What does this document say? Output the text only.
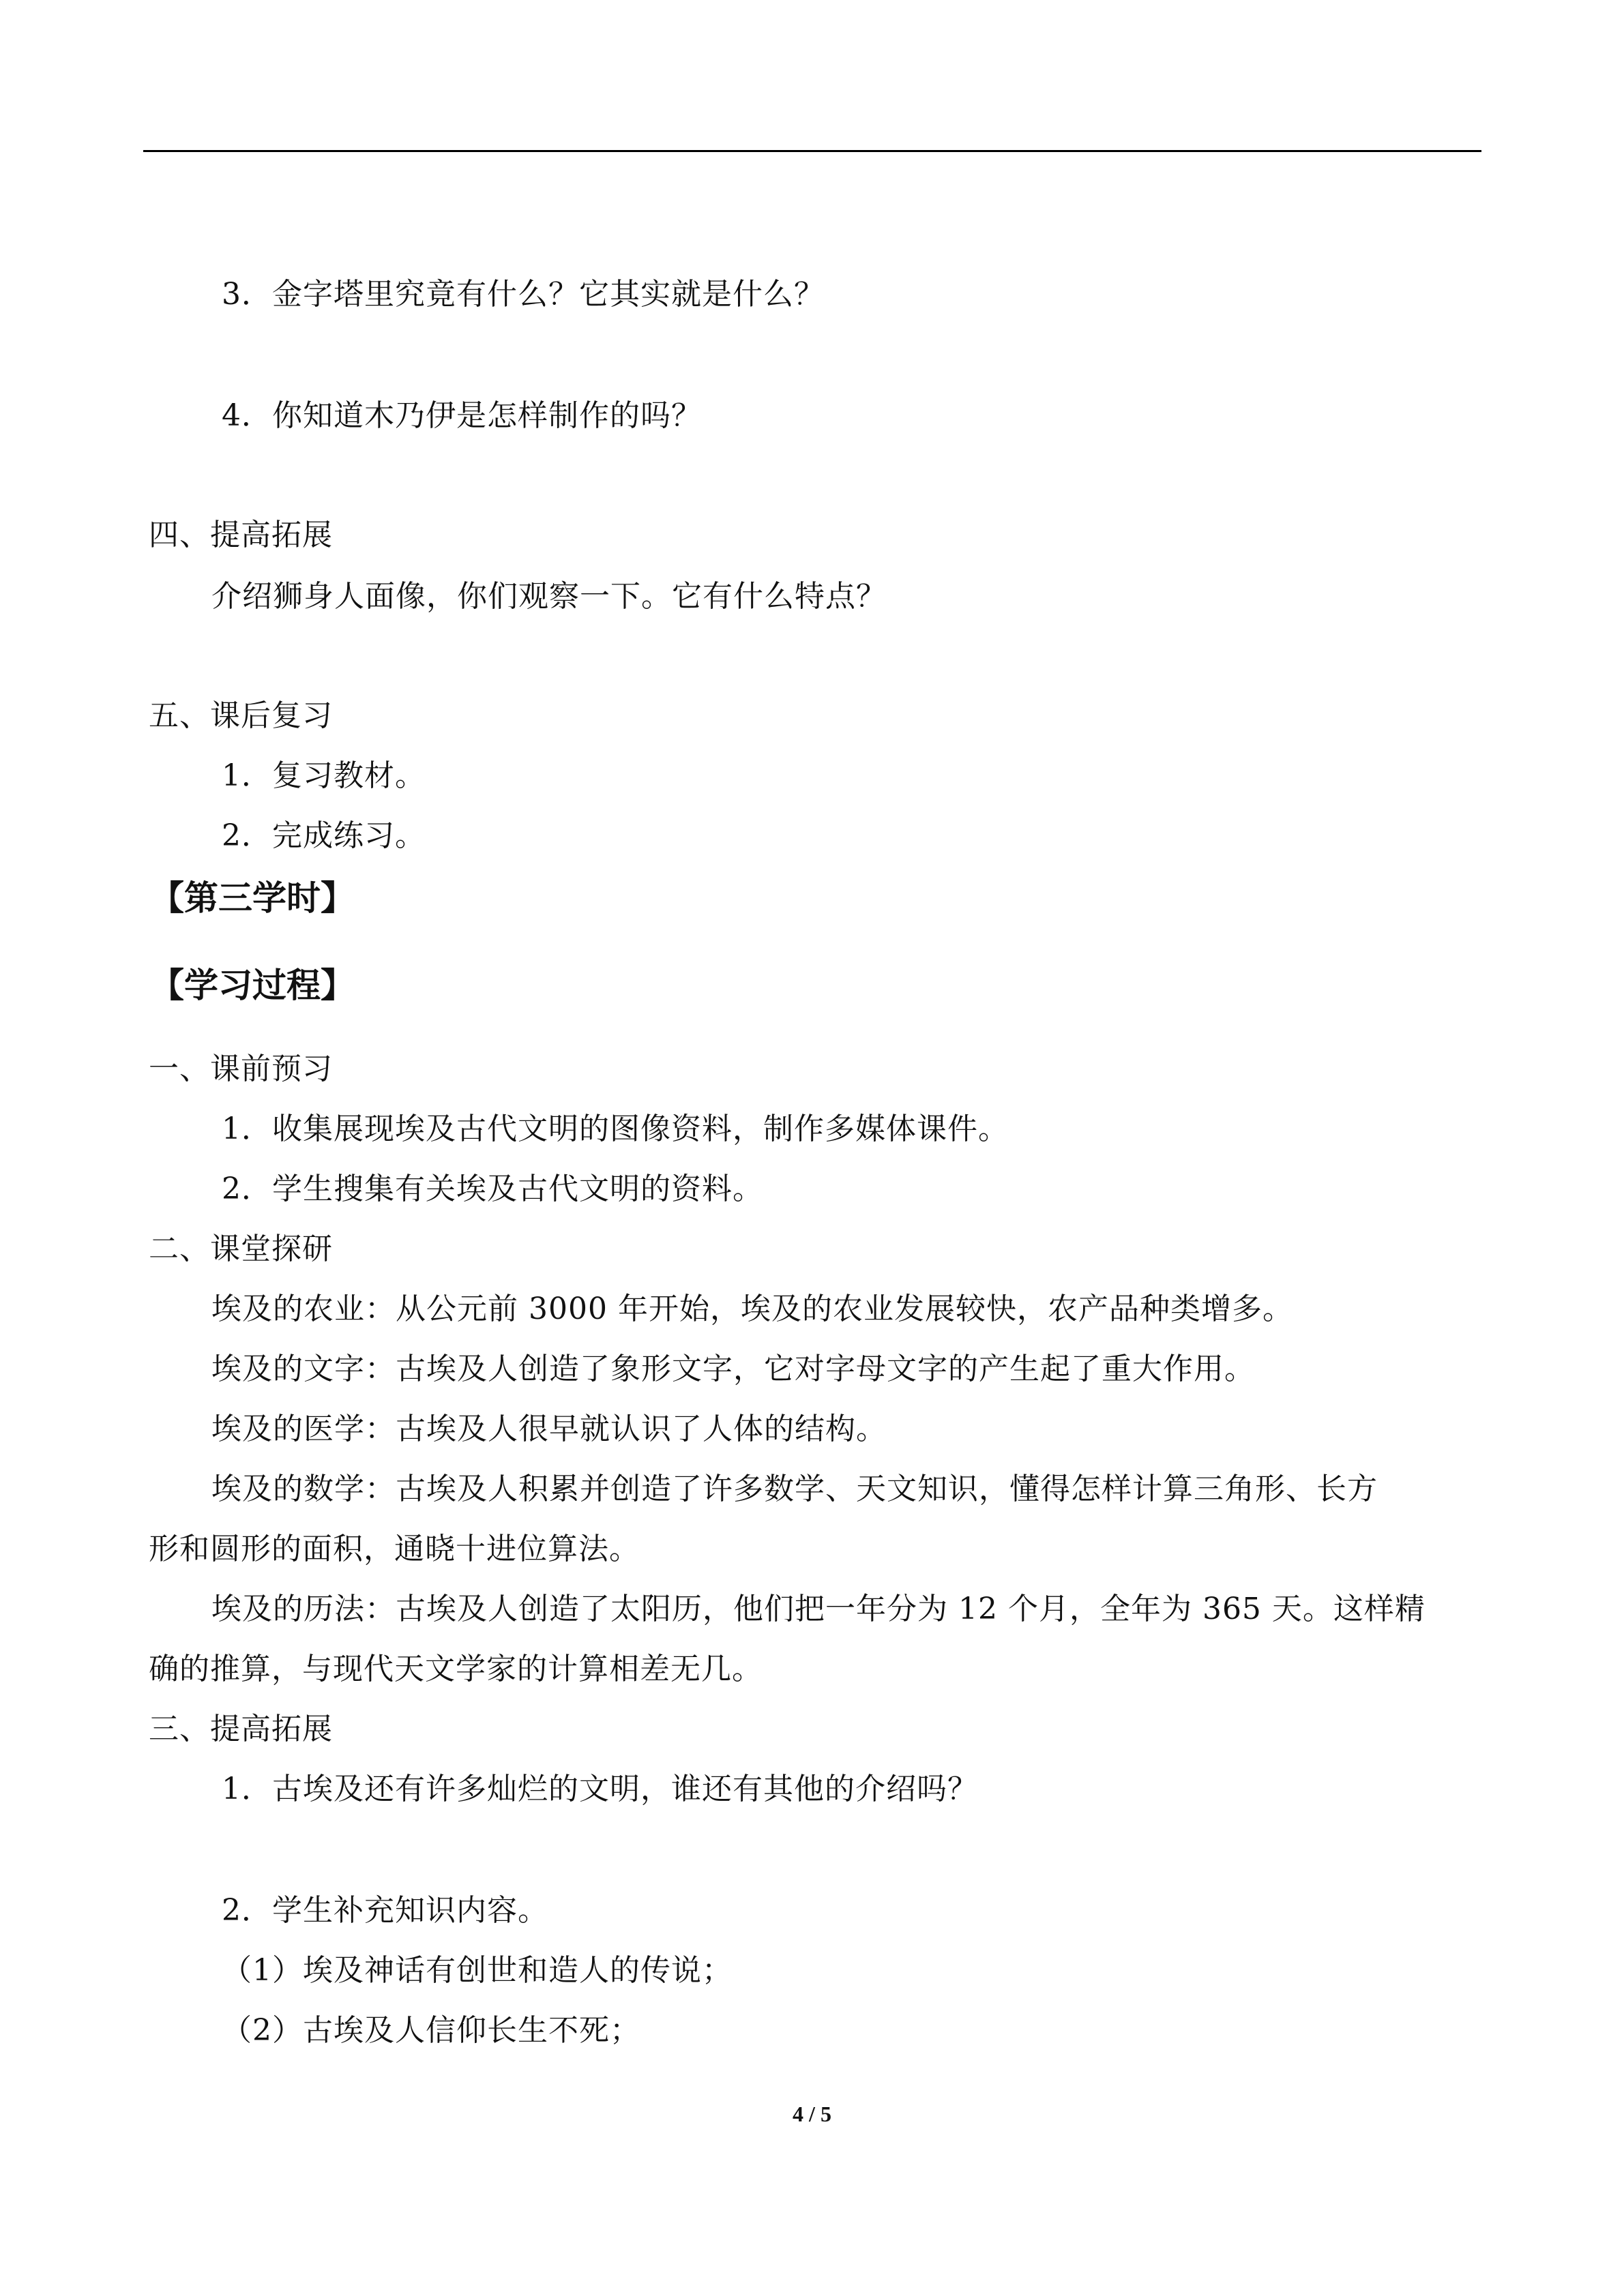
3．金字塔里究竟有什么？它其实就是什么？
4．你知道木乃伊是怎样制作的吗？
四、提高拓展
介绍狮身人面像，你们观察一下。它有什么特点？
五、课后复习
1．复习教材。
2．完成练习。
【第三学时】
【学习过程】
一、课前预习
1．收集展现埃及古代文明的图像资料，制作多媒体课件。
2．学生搜集有关埃及古代文明的资料。
二、课堂探研
埃及的农业：从公元前 3000 年开始，埃及的农业发展较快，农产品种类增多。
埃及的文字：古埃及人创造了象形文字，它对字母文字的产生起了重大作用。
埃及的医学：古埃及人很早就认识了人体的结构。
埃及的数学：古埃及人积累并创造了许多数学、天文知识，懂得怎样计算三角形、长方
形和圆形的面积，通晓十进位算法。
埃及的历法：古埃及人创造了太阳历，他们把一年分为 12 个月，全年为 365 天。这样精
确的推算，与现代天文学家的计算相差无几。
三、提高拓展
1．古埃及还有许多灿烂的文明，谁还有其他的介绍吗？
2．学生补充知识内容。
（1）埃及神话有创世和造人的传说；
（2）古埃及人信仰长生不死；
4 / 5
